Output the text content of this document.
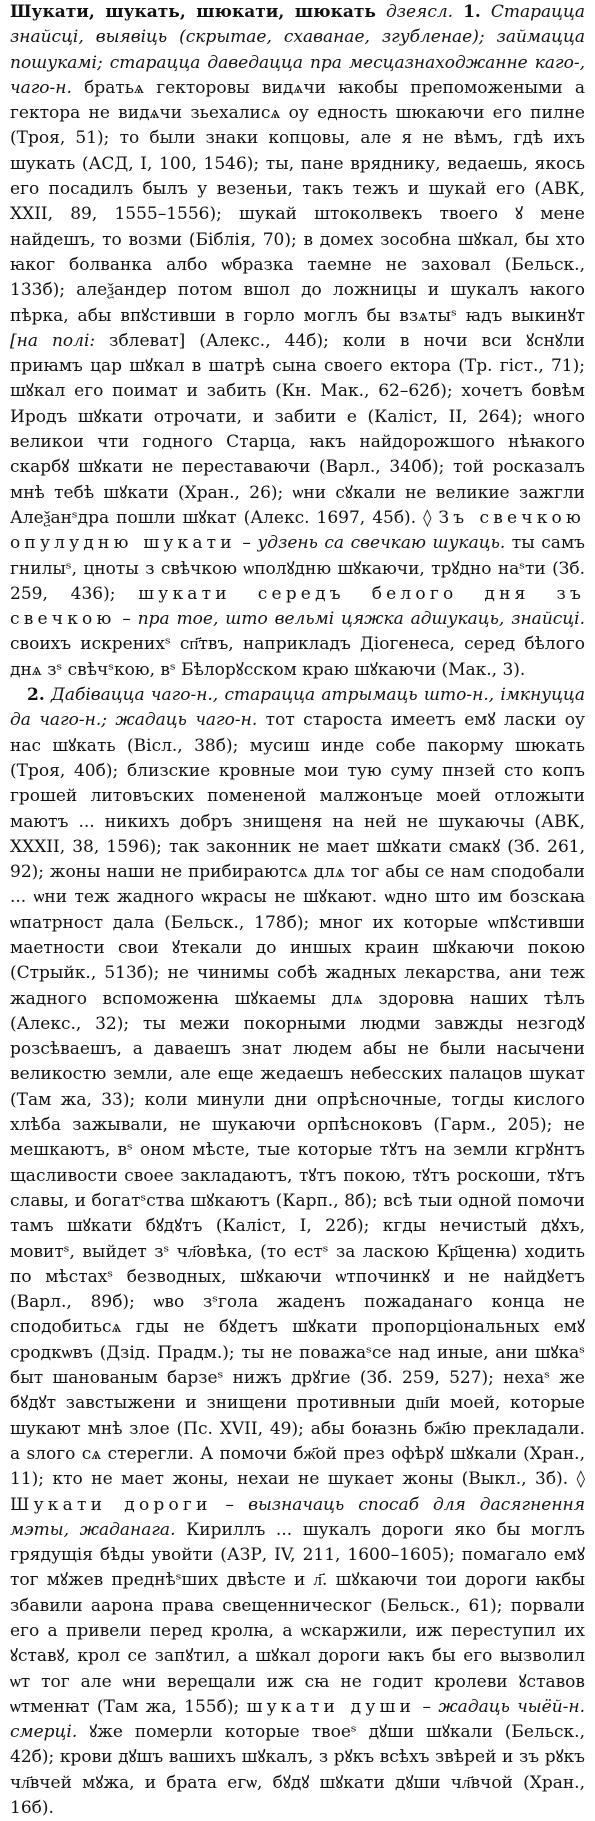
Шукати, шукать, шюкати, шюкать дзеясл. 1. Старацца знайсці, выявіць (скрытае, схаванае, згубленае); займацца пошукамі; старацца даведацца пра месцазнаходжанне каго-, чаго-н. братьѧ гекторовы видѧчи ꙗкобы препоможеными а гектора не видѧчи зьехалисѧ оу едность шюкаючи его пилне (Троя, 51); то были знаки копцовы, але я не вѣмъ, гдѣ ихъ шукать (АСД, І, 100, 1546); ты, пане вряднику, ведаешь, якось его посадилъ былъ у везеньи, такъ тежъ и шукай его (АВК, XXII, 89, 1555–1556); шукай штоколвекъ твоего ꙋ мене найдешъ, то возми (Біблія, 70); в домех зособна шꙋкал, бы хто ꙗког болванка албо ѡбразка таемне не заховал (Бельск., 133б); алеѯандер потом вшол до ложницы и шукалъ ꙗкого пѣрка, абы впꙋстивши в горло моглъ бы взѧтыˢ ꙗдъ выкинꙋт [на полі: зблеват] (Алекс., 44б); коли в ночи вси ꙋснꙋли приꙗмъ цар шꙋкал в шатрѣ сына своего ектора (Тр. гіст., 71); шꙋкал его поимат и забить (Кн. Мак., 62–62б); хочетъ бовѣм Иродъ шꙋкати отрочати, и забити е (Каліст, II, 264); ѡного великои чти годного Старца, ꙗкъ найдорожшого нѣꙗкого скарбꙋ шꙋкати не переставаючи (Варл., 340б); той росказалъ мнѣ тебѣ шꙋкати (Хран., 26); ѡни сꙋкали не великие зажгли Алеѯанˢдра пошли шꙋкат (Алекс. 1697, 45б). ◊ Зъ свечкою опулудню шукати – удзень са свечкаю шукаць. ты самъ гнилыˢ, цноты з свѣчкою ѡполꙋдню шꙋкаючи, трꙋдно наˢти (Зб. 259, 436); шукати середъ белого дня зъ свечкою – пра тое, што вельмі цяжка адшукаць, знайсці. своихъ искренихˢ сп҃твъ, наприкладъ Діогенеса, серед бѣлого днѧ зˢ свѣчˢкою, вˢ Бѣлорꙋсском краю шꙋкаючи (Мак., 3).

2. Дабівацца чаго-н., старацца атрымаць што-н., імкнуцца да чаго-н.; жадаць чаго-н. тот староста имеетъ емꙋ ласки оу нас шꙋкать (Вісл., 38б); мусиш инде собе пакорму шюкать (Троя, 40б); близские кровные мои тую суму пнзей сто копъ грошей литовъских помененой малжонъце моей отложыти маютъ ... никихъ добръ знищеня на ней не шукаючы (АВК, XXXII, 38, 1596); так законник не мает шꙋкати смакꙋ (Зб. 261, 92); жоны наши не прибираютсѧ длѧ тог абы се нам сподобали ... ѡни теж жадного ѡкрасы не шꙋкают. ѡдно што им бозскаꙗ ѡпатрност дала (Бельск., 178б); мног их которые ѡпꙋстивши маетности свои ꙋтекали до иншых краин шꙋкаючи покою (Стрыйк., 513б); не чинимы собѣ жадных лекарства, ани теж жадного вспоможенꙗ шꙋкаемы длѧ здоровꙗ наших тѣлъ (Алекс., 32); ты межи покорными людми завжды незгодꙋ розсѣваешъ, а даваешъ знат людем абы не были насычени великостю земли, але еще жедаешъ небесских палацов шукат (Там жа, 33); коли минули дни опрѣсночные, тогды кислого хлѣба зажывали, не шукаючи орпѣсноковъ (Гарм., 205); не мешкаютъ, вˢ оном мѣсте, тые которые тꙋтъ на земли кгрꙋнтъ щасливости своее закладаютъ, тꙋтъ покою, тꙋтъ роскоши, тꙋтъ славы, и богатˢства шꙋкаютъ (Карп., 8б); всѣ тыи одной помочи тамъ шꙋкати бꙋдꙋтъ (Каліст, І, 22б); кгды нечистый дꙋхъ, мовитˢ, выйдет зˢ чл҃овѣка, (то естˢ за ласкою Кр҃щенꙗ) ходить по мѣстахˢ безводных, шꙋкаючи ѡтпочинкꙋ и не найдꙋетъ (Варл., 89б); ѡво зˢгола жаденъ пожаданаго конца не сподобитьсѧ гды не бꙋдетъ шꙋкати пропорціональных емꙋ сродкѡвъ (Дзід. Прадм.); ты не поважаˢсе над иные, ани шꙋкаˢ быт шанованым барзеˢ нижъ дрꙋгие (Зб. 259, 527); нехаˢ же бꙋдꙋт завстыжени и знищени противныи дш҃и моей, которые шукают мнѣ злое (Пс. XVII, 49); абы боꙗзнь бж҃ію прекладали. а ѕлого сѧ стерегли. А помочи бж҃ой през офѣрꙋ шꙋкали (Хран., 11); кто не мает жоны, нехаи не шукает жоны (Выкл., 3б). ◊ Шукати дороги – вызначаць спосаб для дасягнення мэты, жаданага. Кириллъ ... шукалъ дороги яко бы моглъ грядущія бѣды увойти (АЗР, IV, 211, 1600–1605); помагало емꙋ тог мꙋжев преднѣˢших двѣсте и л҃. шꙋкаючи тои дороги ꙗкбы збавили аарона права свещенническог (Бельск., 61); порвали его а привели перед кролꙗ, а ѡскаржили, иж переступил их ꙋставꙋ, крол се запꙋтил, а шꙋкал дороги ꙗкъ бы его вызволил ѡт тог але ѡни верещали иж сꙗ не годит кролеви ꙋставов ѡтменꙗт (Там жа, 155б); шукати души – жадаць чыёй-н. смерці. ꙋже померли которые твоеˢ дꙋши шꙋкали (Бельск., 42б); крови дꙋшъ вашихъ шꙋкалъ, з рꙋкъ всѣхъ звѣрей и зъ рꙋкъ чл҃вчей мꙋжа, и брата егѡ, бꙋдꙋ шꙋкати дꙋши чл҃вчой (Хран., 16б).
